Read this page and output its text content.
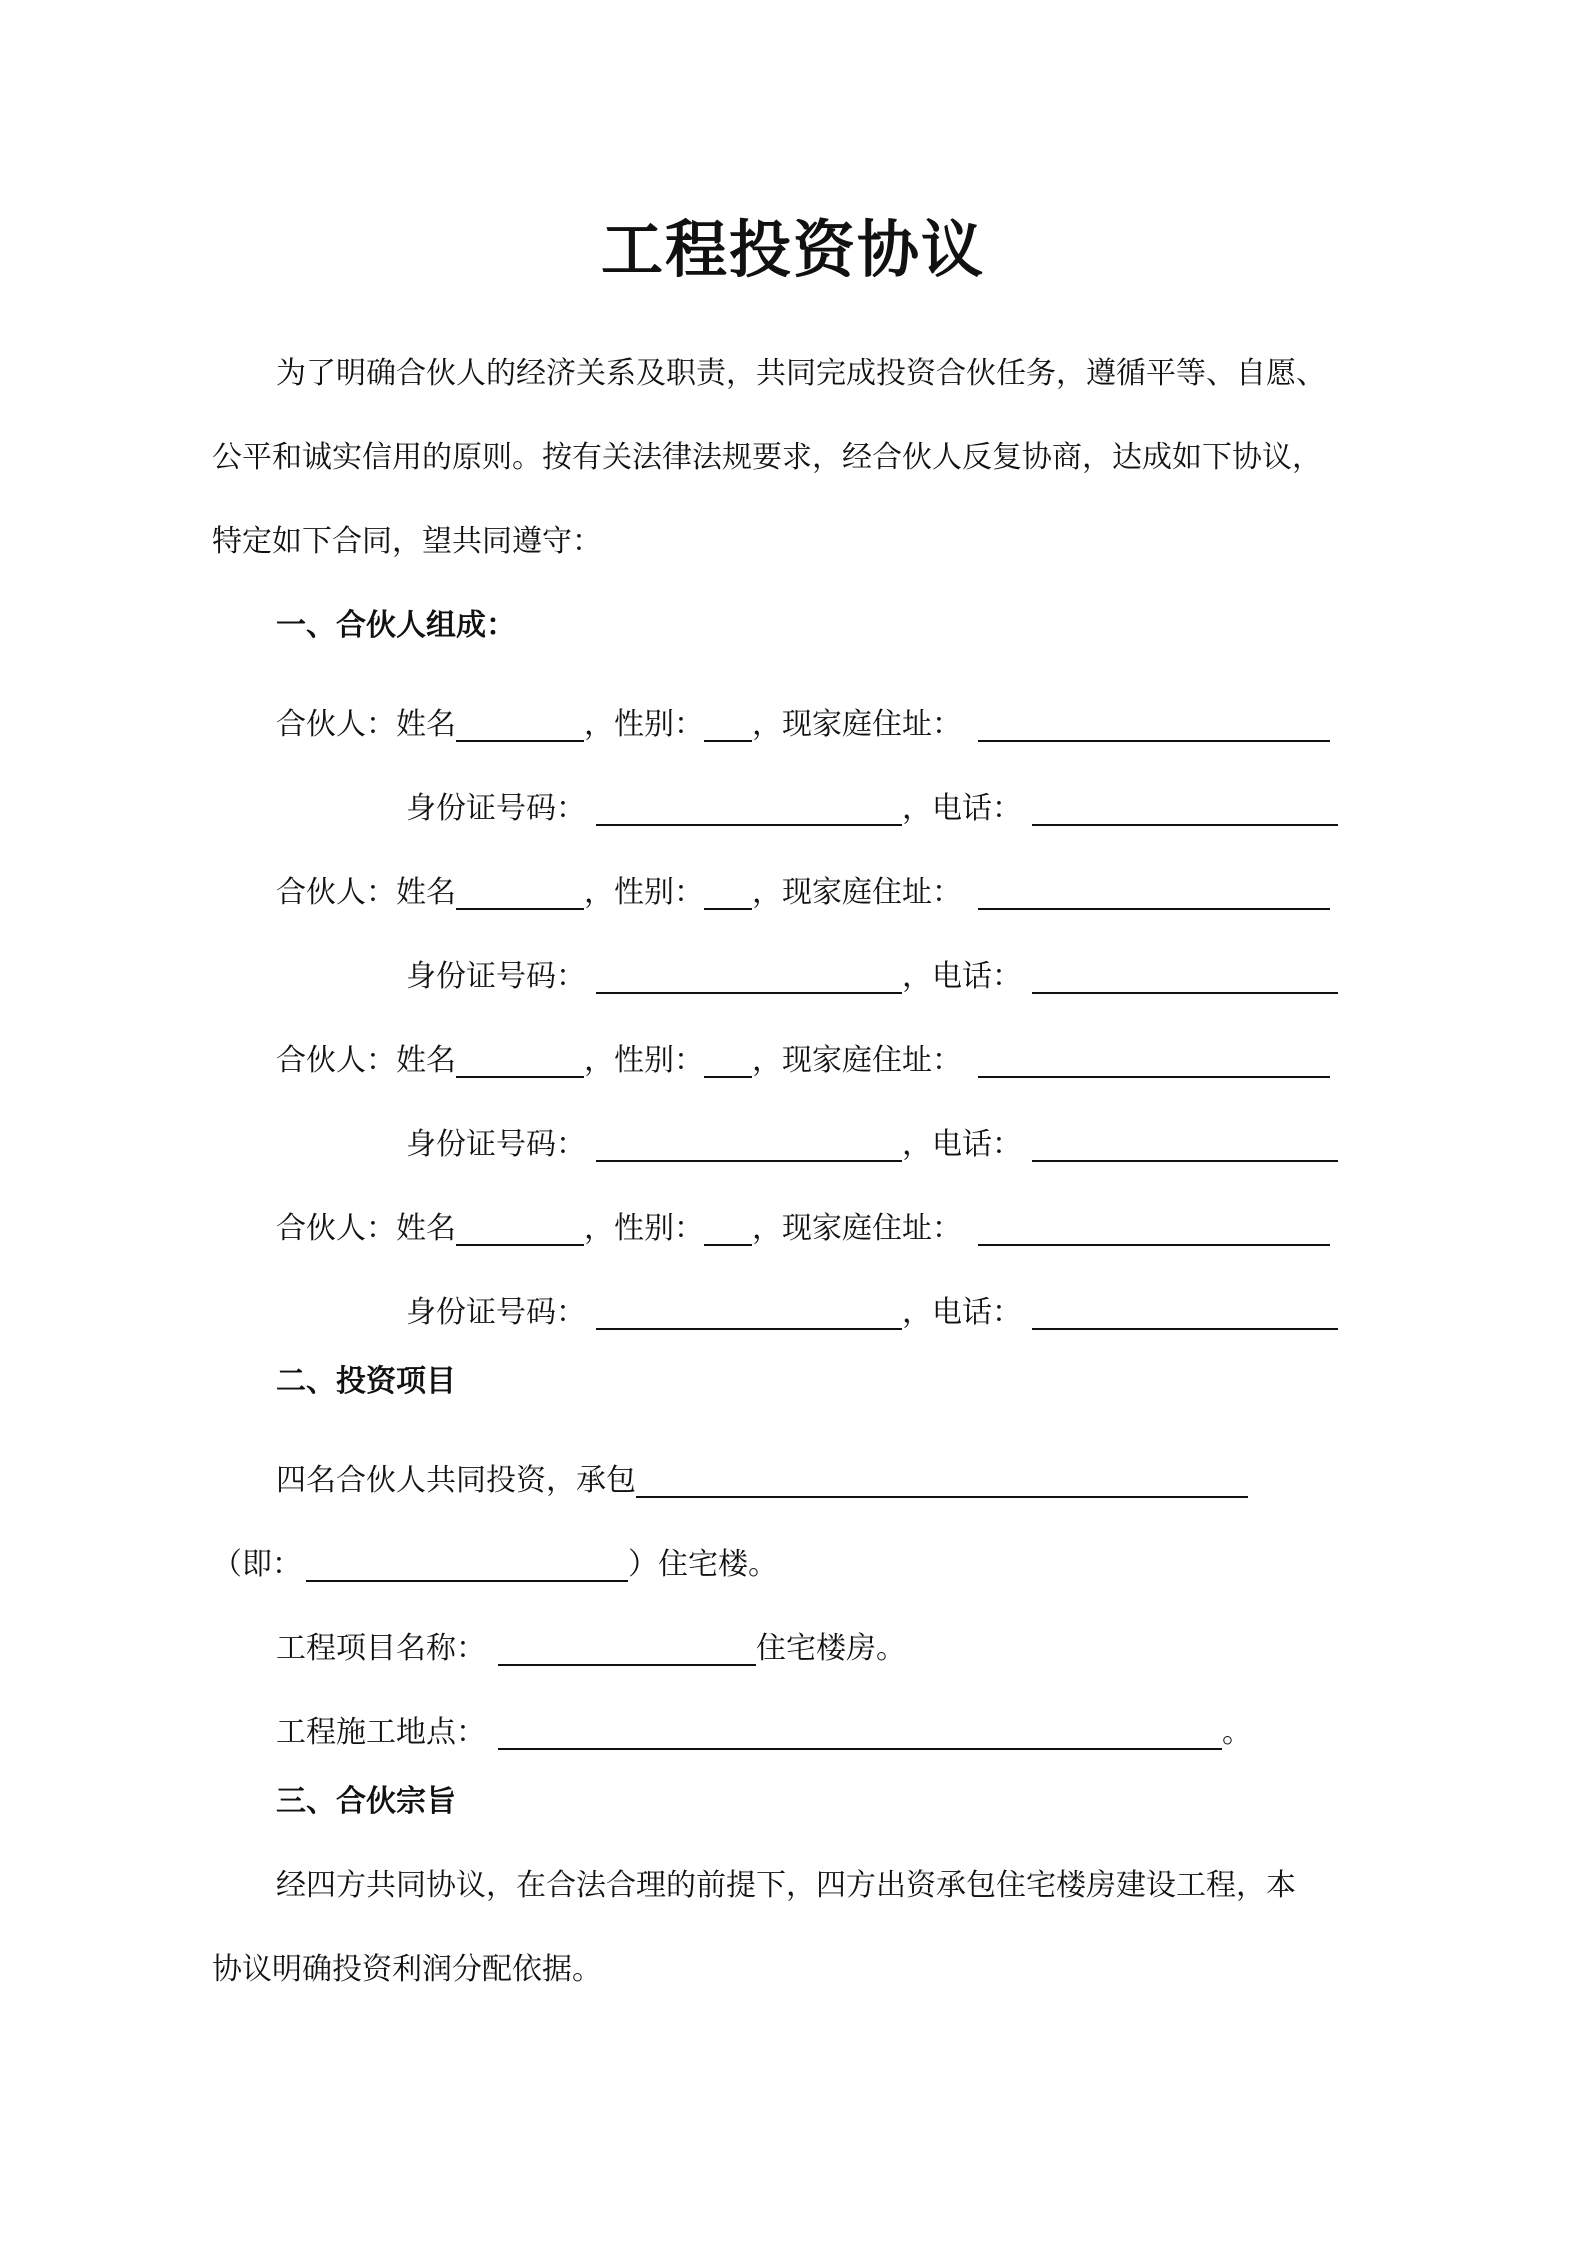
工程投资协议
为了明确合伙人的经济关系及职责，共同完成投资合伙任务，遵循平等、自愿、
公平和诚实信用的原则。按有关法律法规要求，经合伙人反复协商，达成如下协议，
特定如下合同，望共同遵守：
一、合伙人组成：
合伙人： 姓名	，性别： ，现家庭住址：
身份证号码：	，电话：
合伙人： 姓名	，性别： ，现家庭住址：
身份证号码：	，电话：
合伙人： 姓名	，性别： ，现家庭住址：
身份证号码：	，电话：
合伙人： 姓名	，性别： ，现家庭住址：
身份证号码：	，电话：
二、投资项目
四名合伙人共同投资，承包
（即：	）住宅楼。
工程项目名称：	住宅楼房。
工程施工地点：	。
三、合伙宗旨
经四方共同协议，在合法合理的前提下，四方出资承包住宅楼房建设工程，本
协议明确投资利润分配依据。
